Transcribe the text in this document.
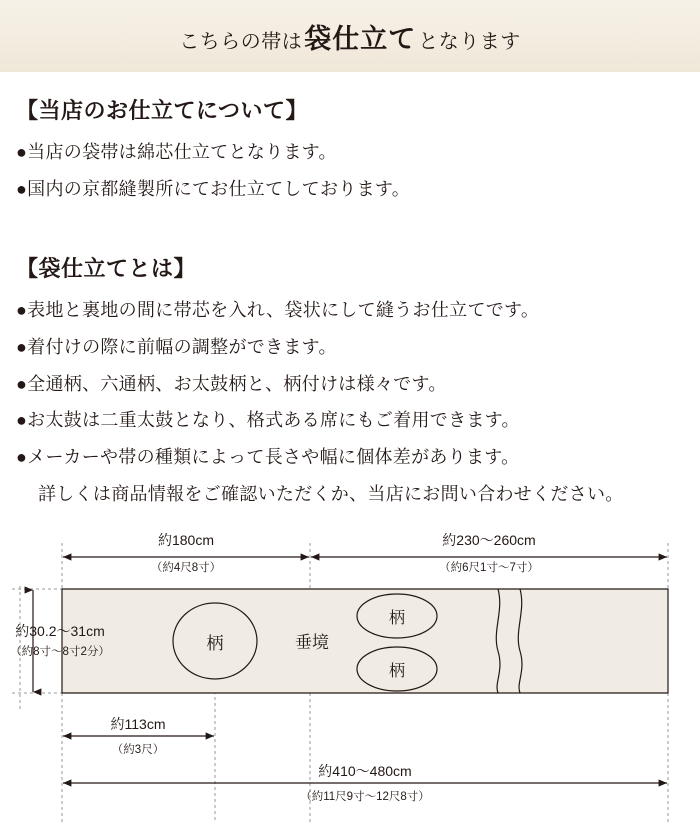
こちらの帯は 袋仕立て となります
【当店のお仕立てについて】

●当店の袋帯は綿芯仕立てとなります。

●国内の京都縫製所にてお仕立てしております。

【袋仕立てとは】

●表地と裏地の間に帯芯を入れ、袋状にして縫うお仕立てです。

●着付けの際に前幅の調整ができます。

●全通柄、六通柄、お太鼓柄と、柄付けは様々です。

●お太鼓は二重太鼓となり、格式ある席にもご着用できます。

●メーカーや帯の種類によって長さや幅に個体差があります。

詳しくは商品情報をご確認いただくか、当店にお問い合わせください。

約180cm
（約4尺8寸）
約230〜260cm
（約6尺1寸〜7寸）
柄	垂境
柄
柄
約30.2〜31cm
（約8寸〜8寸2分）
約113cm
（約3尺）
約410〜480cm
（約11尺9寸〜12尺8寸）
